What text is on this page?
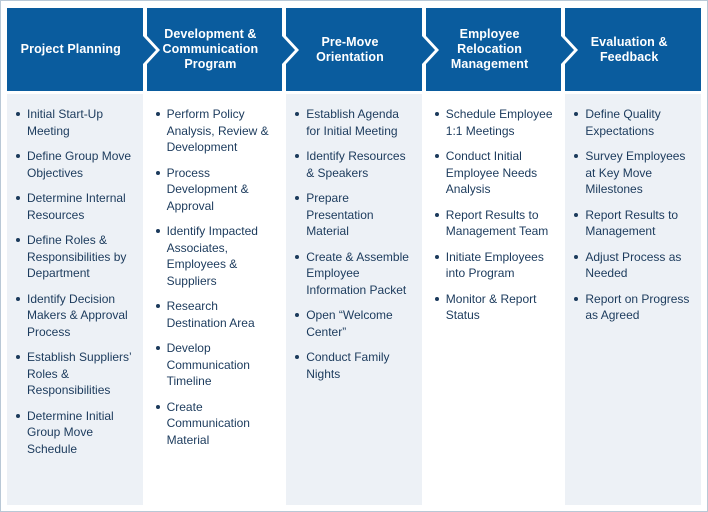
Project Planning
Initial Start-Up Meeting
Define Group Move Objectives
Determine Internal Resources
Define Roles & Responsibilities by Department
Identify Decision Makers & Approval Process
Establish Suppliers’ Roles & Responsibilities
Determine Initial Group Move Schedule
Development & Communication Program
Perform Policy Analysis, Review & Development
Process Development & Approval
Identify Impacted Associates, Employees & Suppliers
Research Destination Area
Develop Communication Timeline
Create Communication Material
Pre-Move Orientation
Establish Agenda for Initial Meeting
Identify Resources & Speakers
Prepare Presentation Material
Create & Assemble Employee Information Packet
Open “Welcome Center”
Conduct Family Nights
Employee Relocation Management
Schedule Employee 1:1 Meetings
Conduct Initial Employee Needs Analysis
Report Results to Management Team
Initiate Employees into Program
Monitor & Report Status
Evaluation & Feedback
Define Quality Expectations
Survey Employees at Key Move Milestones
Report Results to Management
Adjust Process as Needed
Report on Progress as Agreed
